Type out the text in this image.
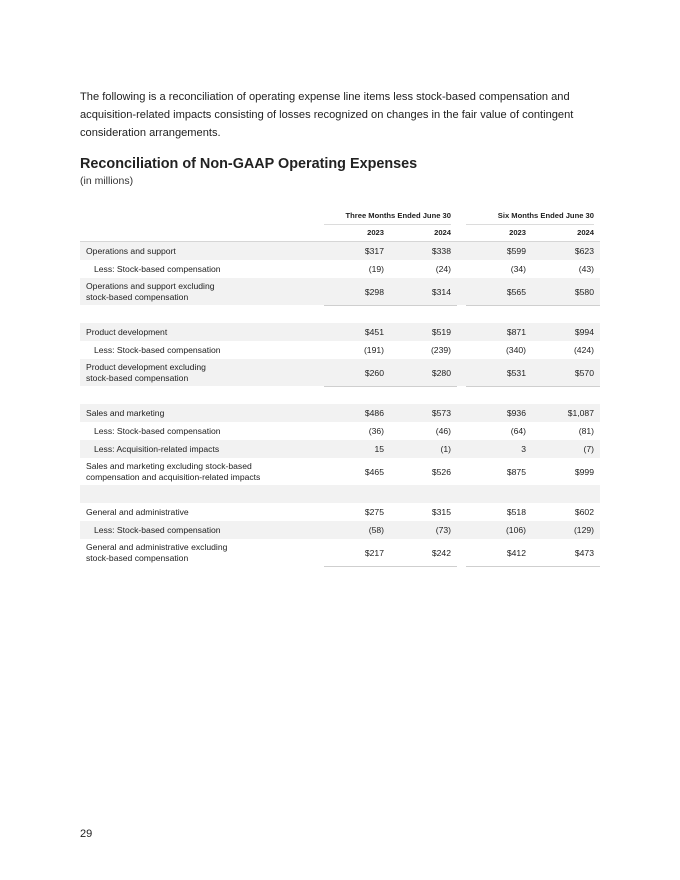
The following is a reconciliation of operating expense line items less stock-based compensation and acquisition-related impacts consisting of losses recognized on changes in the fair value of contingent consideration arrangements.

Reconciliation of Non-GAAP Operating Expenses
(in millions)
Three Months Ended June 30	Six Months Ended June 30
2023	2024	2023	2024
Operations and support	$317	$338	$599	$623
Less: Stock-based compensation	(19)	(24)	(34)	(43)
Operations and support excluding
stock-based compensation	$298	$314	$565	$580
Product development	$451	$519	$871	$994
Less: Stock-based compensation	(191)	(239)	(340)	(424)
Product development excluding
stock-based compensation	$260	$280	$531	$570
Sales and marketing	$486	$573	$936	$1,087
Less: Stock-based compensation	(36)	(46)	(64)	(81)
Less: Acquisition-related impacts	15	(1)	3	(7)
Sales and marketing excluding stock-based
compensation and acquisition-related impacts	$465	$526	$875	$999
General and administrative	$275	$315	$518	$602
Less: Stock-based compensation	(58)	(73)	(106)	(129)
General and administrative excluding
stock-based compensation	$217	$242	$412	$473
29
